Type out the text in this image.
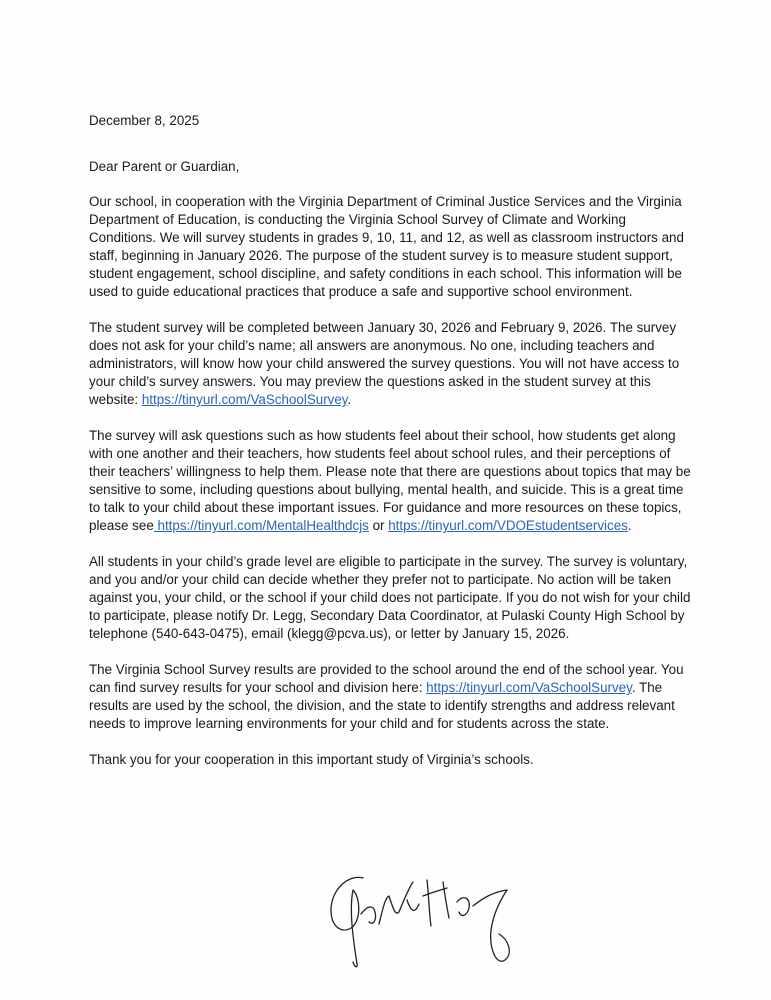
December 8, 2025

Dear Parent or Guardian,

Our school, in cooperation with the Virginia Department of Criminal Justice Services and the Virginia Department of Education, is conducting the Virginia School Survey of Climate and Working Conditions. We will survey students in grades 9, 10, 11, and 12, as well as classroom instructors and staff, beginning in January 2026. The purpose of the student survey is to measure student support, student engagement, school discipline, and safety conditions in each school. This information will be used to guide educational practices that produce a safe and supportive school environment.

The student survey will be completed between January 30, 2026 and February 9, 2026. The survey does not ask for your child’s name; all answers are anonymous. No one, including teachers and administrators, will know how your child answered the survey questions. You will not have access to your child’s survey answers. You may preview the questions asked in the student survey at this website: https://tinyurl.com/VaSchoolSurvey.

The survey will ask questions such as how students feel about their school, how students get along with one another and their teachers, how students feel about school rules, and their perceptions of their teachers’ willingness to help them. Please note that there are questions about topics that may be sensitive to some, including questions about bullying, mental health, and suicide. This is a great time to talk to your child about these important issues. For guidance and more resources on these topics, please see https://tinyurl.com/MentalHealthdcjs or https://tinyurl.com/VDOEstudentservices.

All students in your child’s grade level are eligible to participate in the survey. The survey is voluntary, and you and/or your child can decide whether they prefer not to participate. No action will be taken against you, your child, or the school if your child does not participate. If you do not wish for your child to participate, please notify Dr. Legg, Secondary Data Coordinator, at Pulaski County High School by telephone (540-643-0475), email (klegg@pcva.us), or letter by January 15, 2026.

The Virginia School Survey results are provided to the school around the end of the school year. You can find survey results for your school and division here: https://tinyurl.com/VaSchoolSurvey. The results are used by the school, the division, and the state to identify strengths and address relevant needs to improve learning environments for your child and for students across the state.

Thank you for your cooperation in this important study of Virginia’s schools.
